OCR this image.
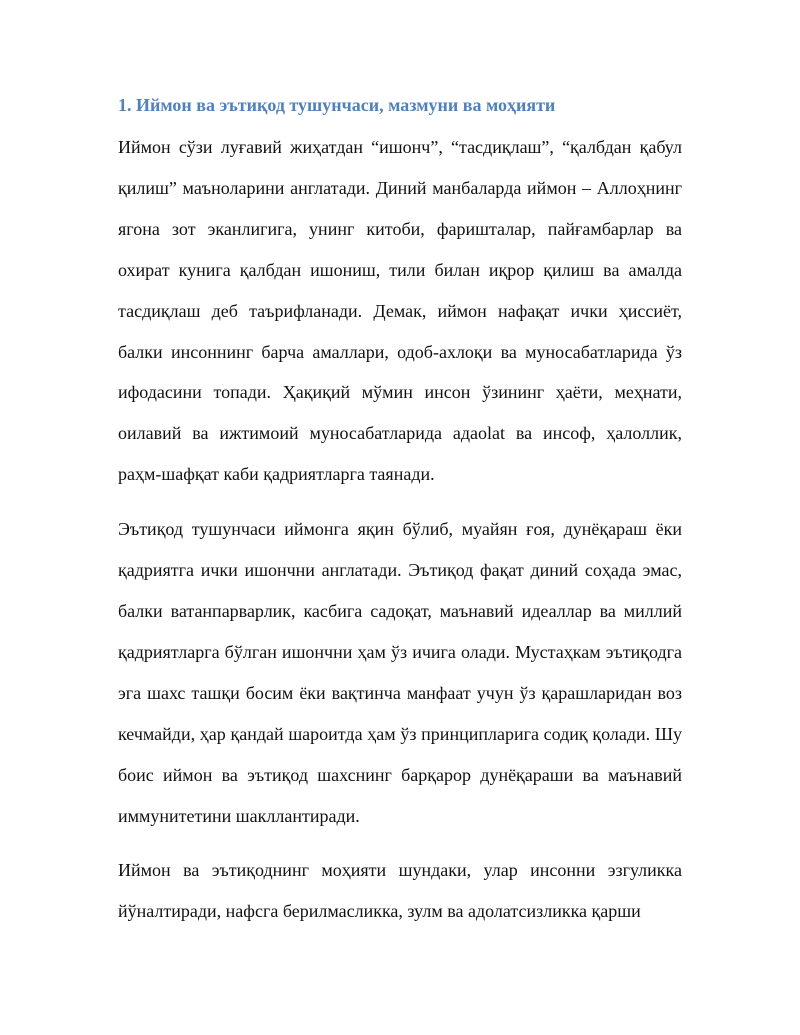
1. Иймон ва эътиқод тушунчаси, мазмуни ва моҳияти

Иймон сўзи луғавий жиҳатдан “ишонч”, “тасдиқлаш”, “қалбдан қабул қилиш” маъноларини англатади. Диний манбаларда иймон – Аллоҳнинг ягона зот эканлигига, унинг китоби, фаришталар, пайғамбарлар ва охират кунига қалбдан ишониш, тили билан иқрор қилиш ва амалда тасдиқлаш деб таърифланади. Демак, иймон нафақат ички ҳиссиёт, балки инсоннинг барча амаллари, одоб-ахлоқи ва муносабатларида ўз ифодасини топади. Ҳақиқий мўмин инсон ўзининг ҳаёти, меҳнати, оилавий ва ижтимоий муносабатларида адаolat ва инсоф, ҳалоллик, раҳм-шафқат каби қадриятларга таянади.

Эътиқод тушунчаси иймонга яқин бўлиб, муайян ғоя, дунёқараш ёки қадриятга ички ишончни англатади. Эътиқод фақат диний соҳада эмас, балки ватанпарварлик, касбига садоқат, маънавий идеаллар ва миллий қадриятларга бўлган ишончни ҳам ўз ичига олади. Мустаҳкам эътиқодга эга шахс ташқи босим ёки вақтинча манфаат учун ўз қарашларидан воз кечмайди, ҳар қандай шароитда ҳам ўз принципларига содиқ қолади. Шу боис иймон ва эътиқод шахснинг барқарор дунёқараши ва маънавий иммунитетини шакллантиради.

Иймон ва эътиқоднинг моҳияти шундаки, улар инсонни эзгуликка йўналтиради, нафсга берилмасликка, зулм ва адолатсизликка қарши
